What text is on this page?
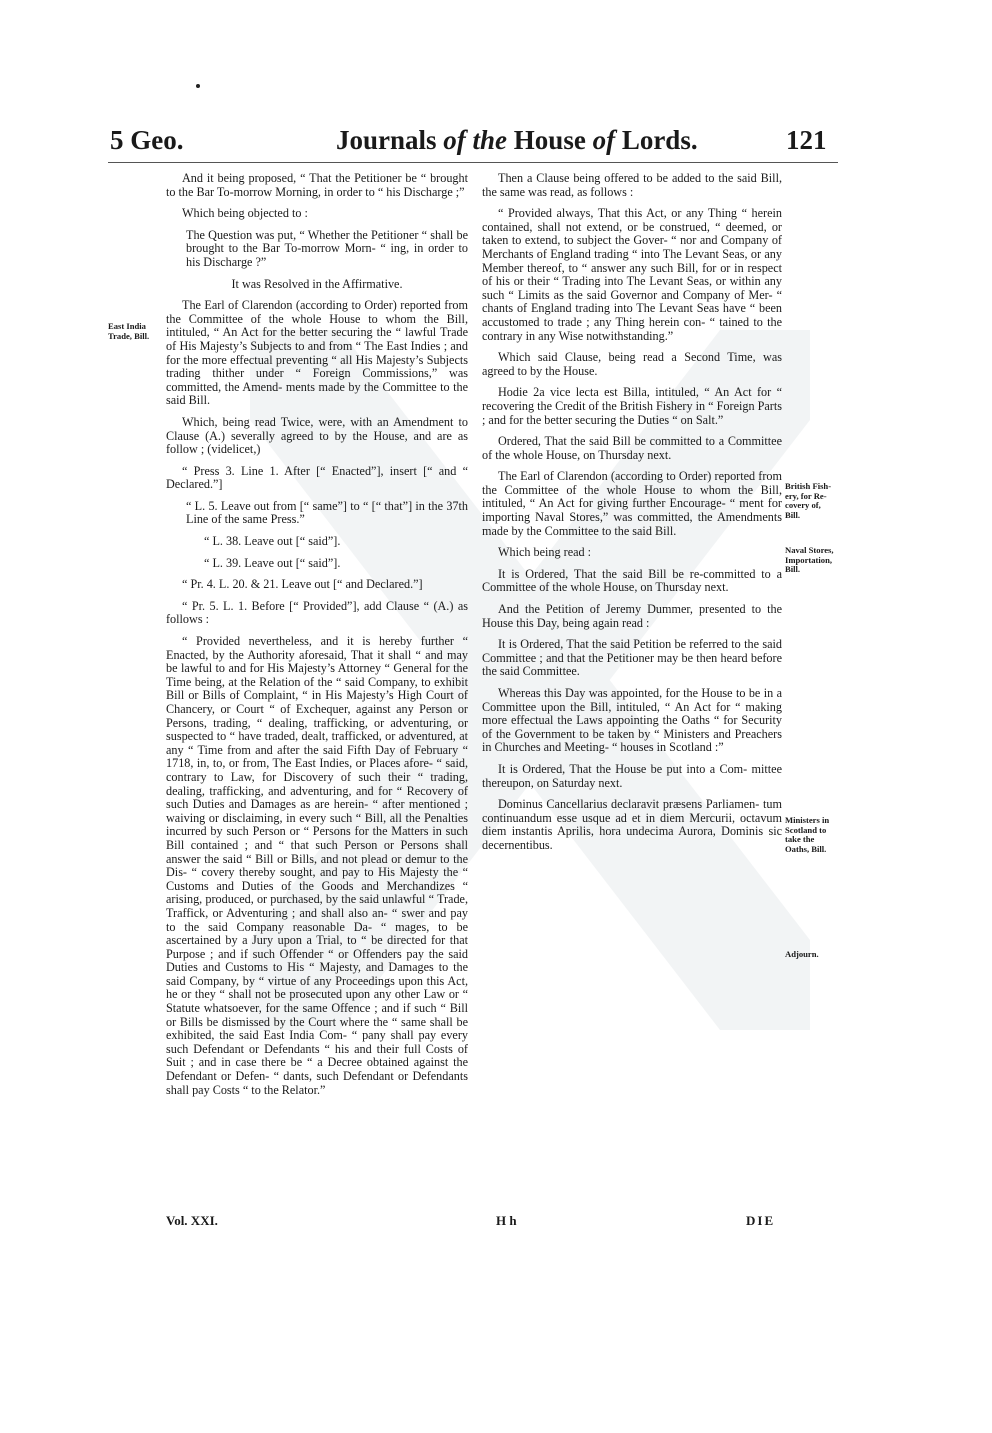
5 Geo.	Journals of the House of Lords.	121

And it being proposed, “ That the Petitioner be “ brought to the Bar To-morrow Morning, in order to “ his Discharge ;”

Which being objected to :

The Question was put, “ Whether the Petitioner “ shall be brought to the Bar To-morrow Morn- “ ing, in order to his Discharge ?”

It was Resolved in the Affirmative.

The Earl of Clarendon (according to Order) reported from the Committee of the whole House to whom the Bill, intituled, “ An Act for the better securing the “ lawful Trade of His Majesty’s Subjects to and from “ The East Indies ; and for the more effectual preventing “ all His Majesty’s Subjects trading thither under “ Foreign Commissions,” was committed, the Amend- ments made by the Committee to the said Bill.

Which, being read Twice, were, with an Amendment to Clause (A.) severally agreed to by the House, and are as follow ; (videlicet,)

“ Press 3. Line 1. After [“ Enacted”], insert [“ and “ Declared.”]

“ L. 5. Leave out from [“ same”] to “ [“ that”] in the 37th Line of the same Press.”

“ L. 38. Leave out [“ said”].

“ L. 39. Leave out [“ said”].

“ Pr. 4. L. 20. & 21. Leave out [“ and Declared.”]

“ Pr. 5. L. 1. Before [“ Provided”], add Clause “ (A.) as follows :

“ Provided nevertheless, and it is hereby further “ Enacted, by the Authority aforesaid, That it shall “ and may be lawful to and for His Majesty’s Attorney “ General for the Time being, at the Relation of the “ said Company, to exhibit Bill or Bills of Complaint, “ in His Majesty’s High Court of Chancery, or Court “ of Exchequer, against any Person or Persons, trading, “ dealing, trafficking, or adventuring, or suspected to “ have traded, dealt, trafficked, or adventured, at any “ Time from and after the said Fifth Day of February “ 1718, in, to, or from, The East Indies, or Places afore- “ said, contrary to Law, for Discovery of such their “ trading, dealing, trafficking, and adventuring, and for “ Recovery of such Duties and Damages as are herein- “ after mentioned ; waiving or disclaiming, in every such “ Bill, all the Penalties incurred by such Person or “ Persons for the Matters in such Bill contained ; and “ that such Person or Persons shall answer the said “ Bill or Bills, and not plead or demur to the Dis- “ covery thereby sought, and pay to His Majesty the “ Customs and Duties of the Goods and Merchandizes “ arising, produced, or purchased, by the said unlawful “ Trade, Traffick, or Adventuring ; and shall also an- “ swer and pay to the said Company reasonable Da- “ mages, to be ascertained by a Jury upon a Trial, to “ be directed for that Purpose ; and if such Offender “ or Offenders pay the said Duties and Customs to His “ Majesty, and Damages to the said Company, by “ virtue of any Proceedings upon this Act, he or they “ shall not be prosecuted upon any other Law or “ Statute whatsoever, for the same Offence ; and if such “ Bill or Bills be dismissed by the Court where the “ same shall be exhibited, the said East India Com- “ pany shall pay every such Defendant or Defendants “ his and their full Costs of Suit ; and in case there be “ a Decree obtained against the Defendant or Defen- “ dants, such Defendant or Defendants shall pay Costs “ to the Relator.”

Then a Clause being offered to be added to the said Bill, the same was read, as follows :

“ Provided always, That this Act, or any Thing “ herein contained, shall not extend, or be construed, “ deemed, or taken to extend, to subject the Gover- “ nor and Company of Merchants of England trading “ into The Levant Seas, or any Member thereof, to “ answer any such Bill, for or in respect of his or their “ Trading into The Levant Seas, or within any such “ Limits as the said Governor and Company of Mer- “ chants of England trading into The Levant Seas have “ been accustomed to trade ; any Thing herein con- “ tained to the contrary in any Wise notwithstanding.”

Which said Clause, being read a Second Time, was agreed to by the House.

Hodie 2a vice lecta est Billa, intituled, “ An Act for “ recovering the Credit of the British Fishery in “ Foreign Parts ; and for the better securing the Duties “ on Salt.”

Ordered, That the said Bill be committed to a Committee of the whole House, on Thursday next.

The Earl of Clarendon (according to Order) reported from the Committee of the whole House to whom the Bill, intituled, “ An Act for giving further Encourage- “ ment for importing Naval Stores,” was committed, the Amendments made by the Committee to the said Bill.

Which being read :

It is Ordered, That the said Bill be re-committed to a Committee of the whole House, on Thursday next.

And the Petition of Jeremy Dummer, presented to the House this Day, being again read :

It is Ordered, That the said Petition be referred to the said Committee ; and that the Petitioner may be then heard before the said Committee.

Whereas this Day was appointed, for the House to be in a Committee upon the Bill, intituled, “ An Act for “ making more effectual the Laws appointing the Oaths “ for Security of the Government to be taken by “ Ministers and Preachers in Churches and Meeting- “ houses in Scotland :”

It is Ordered, That the House be put into a Com- mittee thereupon, on Saturday next.

Dominus Cancellarius declaravit præsens Parliamen- tum continuandum esse usque ad et in diem Mercurii, octavum diem instantis Aprilis, hora undecima Aurora, Dominis sic decernentibus.

East India
Trade, Bill.
British Fish-
ery, for Re-
covery of,
Bill.
Naval Stores,
Importation,
Bill.
Ministers in
Scotland to
take the
Oaths, Bill.
Adjourn.
Vol. XXI.	H h	DIE
